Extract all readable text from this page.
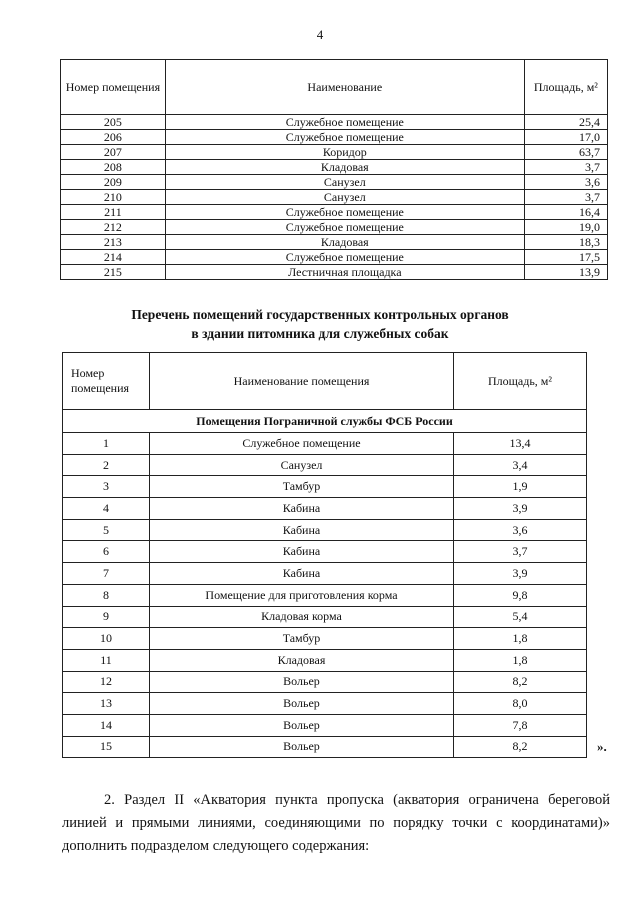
4
Номер помещения	Наименование	Площадь, м²
205	Служебное помещение	25,4
206	Служебное помещение	17,0
207	Коридор	63,7
208	Кладовая	3,7
209	Санузел	3,6
210	Санузел	3,7
211	Служебное помещение	16,4
212	Служебное помещение	19,0
213	Кладовая	18,3
214	Служебное помещение	17,5
215	Лестничная площадка	13,9
Перечень помещений государственных контрольных органов
в здании питомника для служебных собак
Номер помещения	Наименование помещения	Площадь, м²
Помещения Пограничной службы ФСБ России		
1	Служебное помещение	13,4
2	Санузел	3,4
3	Тамбур	1,9
4	Кабина	3,9
5	Кабина	3,6
6	Кабина	3,7
7	Кабина	3,9
8	Помещение для приготовления корма	9,8
9	Кладовая корма	5,4
10	Тамбур	1,8
11	Кладовая	1,8
12	Вольер	8,2
13	Вольер	8,0
14	Вольер	7,8
15	Вольер	8,2	».
2. Раздел II «Акватория пункта пропуска (акватория ограничена береговой линией и прямыми линиями, соединяющими по порядку точки с координатами)» дополнить подразделом следующего содержания:
